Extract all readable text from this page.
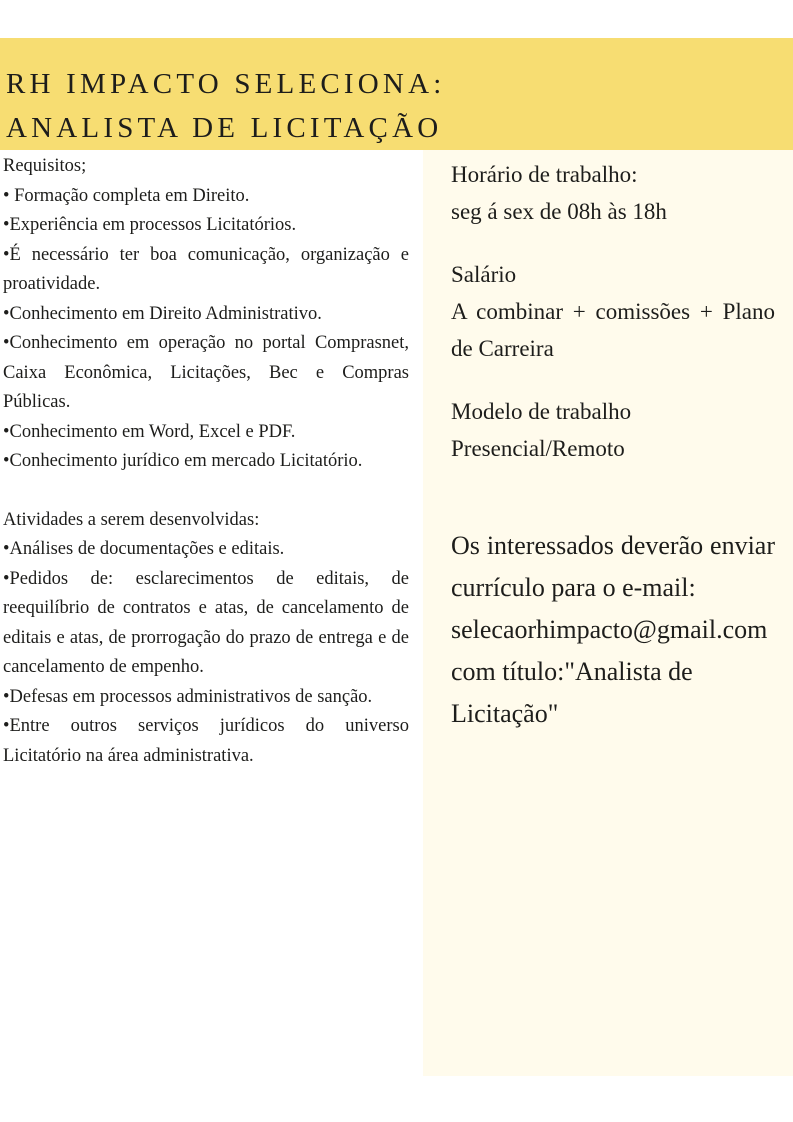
RH IMPACTO SELECIONA:
ANALISTA DE LICITAÇÃO

Requisitos;

• Formação completa em Direito.

•Experiência em processos Licitatórios.

•É necessário ter boa comunicação, organização e proatividade.

•Conhecimento em Direito Administrativo.

•Conhecimento em operação no portal Comprasnet, Caixa Econômica, Licitações, Bec e Compras Públicas.

•Conhecimento em Word, Excel e PDF.

•Conhecimento jurídico em mercado Licitatório.

Atividades a serem desenvolvidas:

•Análises de documentações e editais.

•Pedidos de: esclarecimentos de editais, de reequilíbrio de contratos e atas, de cancelamento de editais e atas, de prorrogação do prazo de entrega e de cancelamento de empenho.

•Defesas em processos administrativos de sanção.

•Entre outros serviços jurídicos do universo Licitatório na área administrativa.

Horário de trabalho:

seg á sex de 08h às 18h

Salário

A combinar + comissões + Plano de Carreira

Modelo de trabalho

Presencial/Remoto

Os interessados deverão enviar currículo para o e-mail:

selecaorhimpacto@gmail.com

com título:"Analista de Licitação"
